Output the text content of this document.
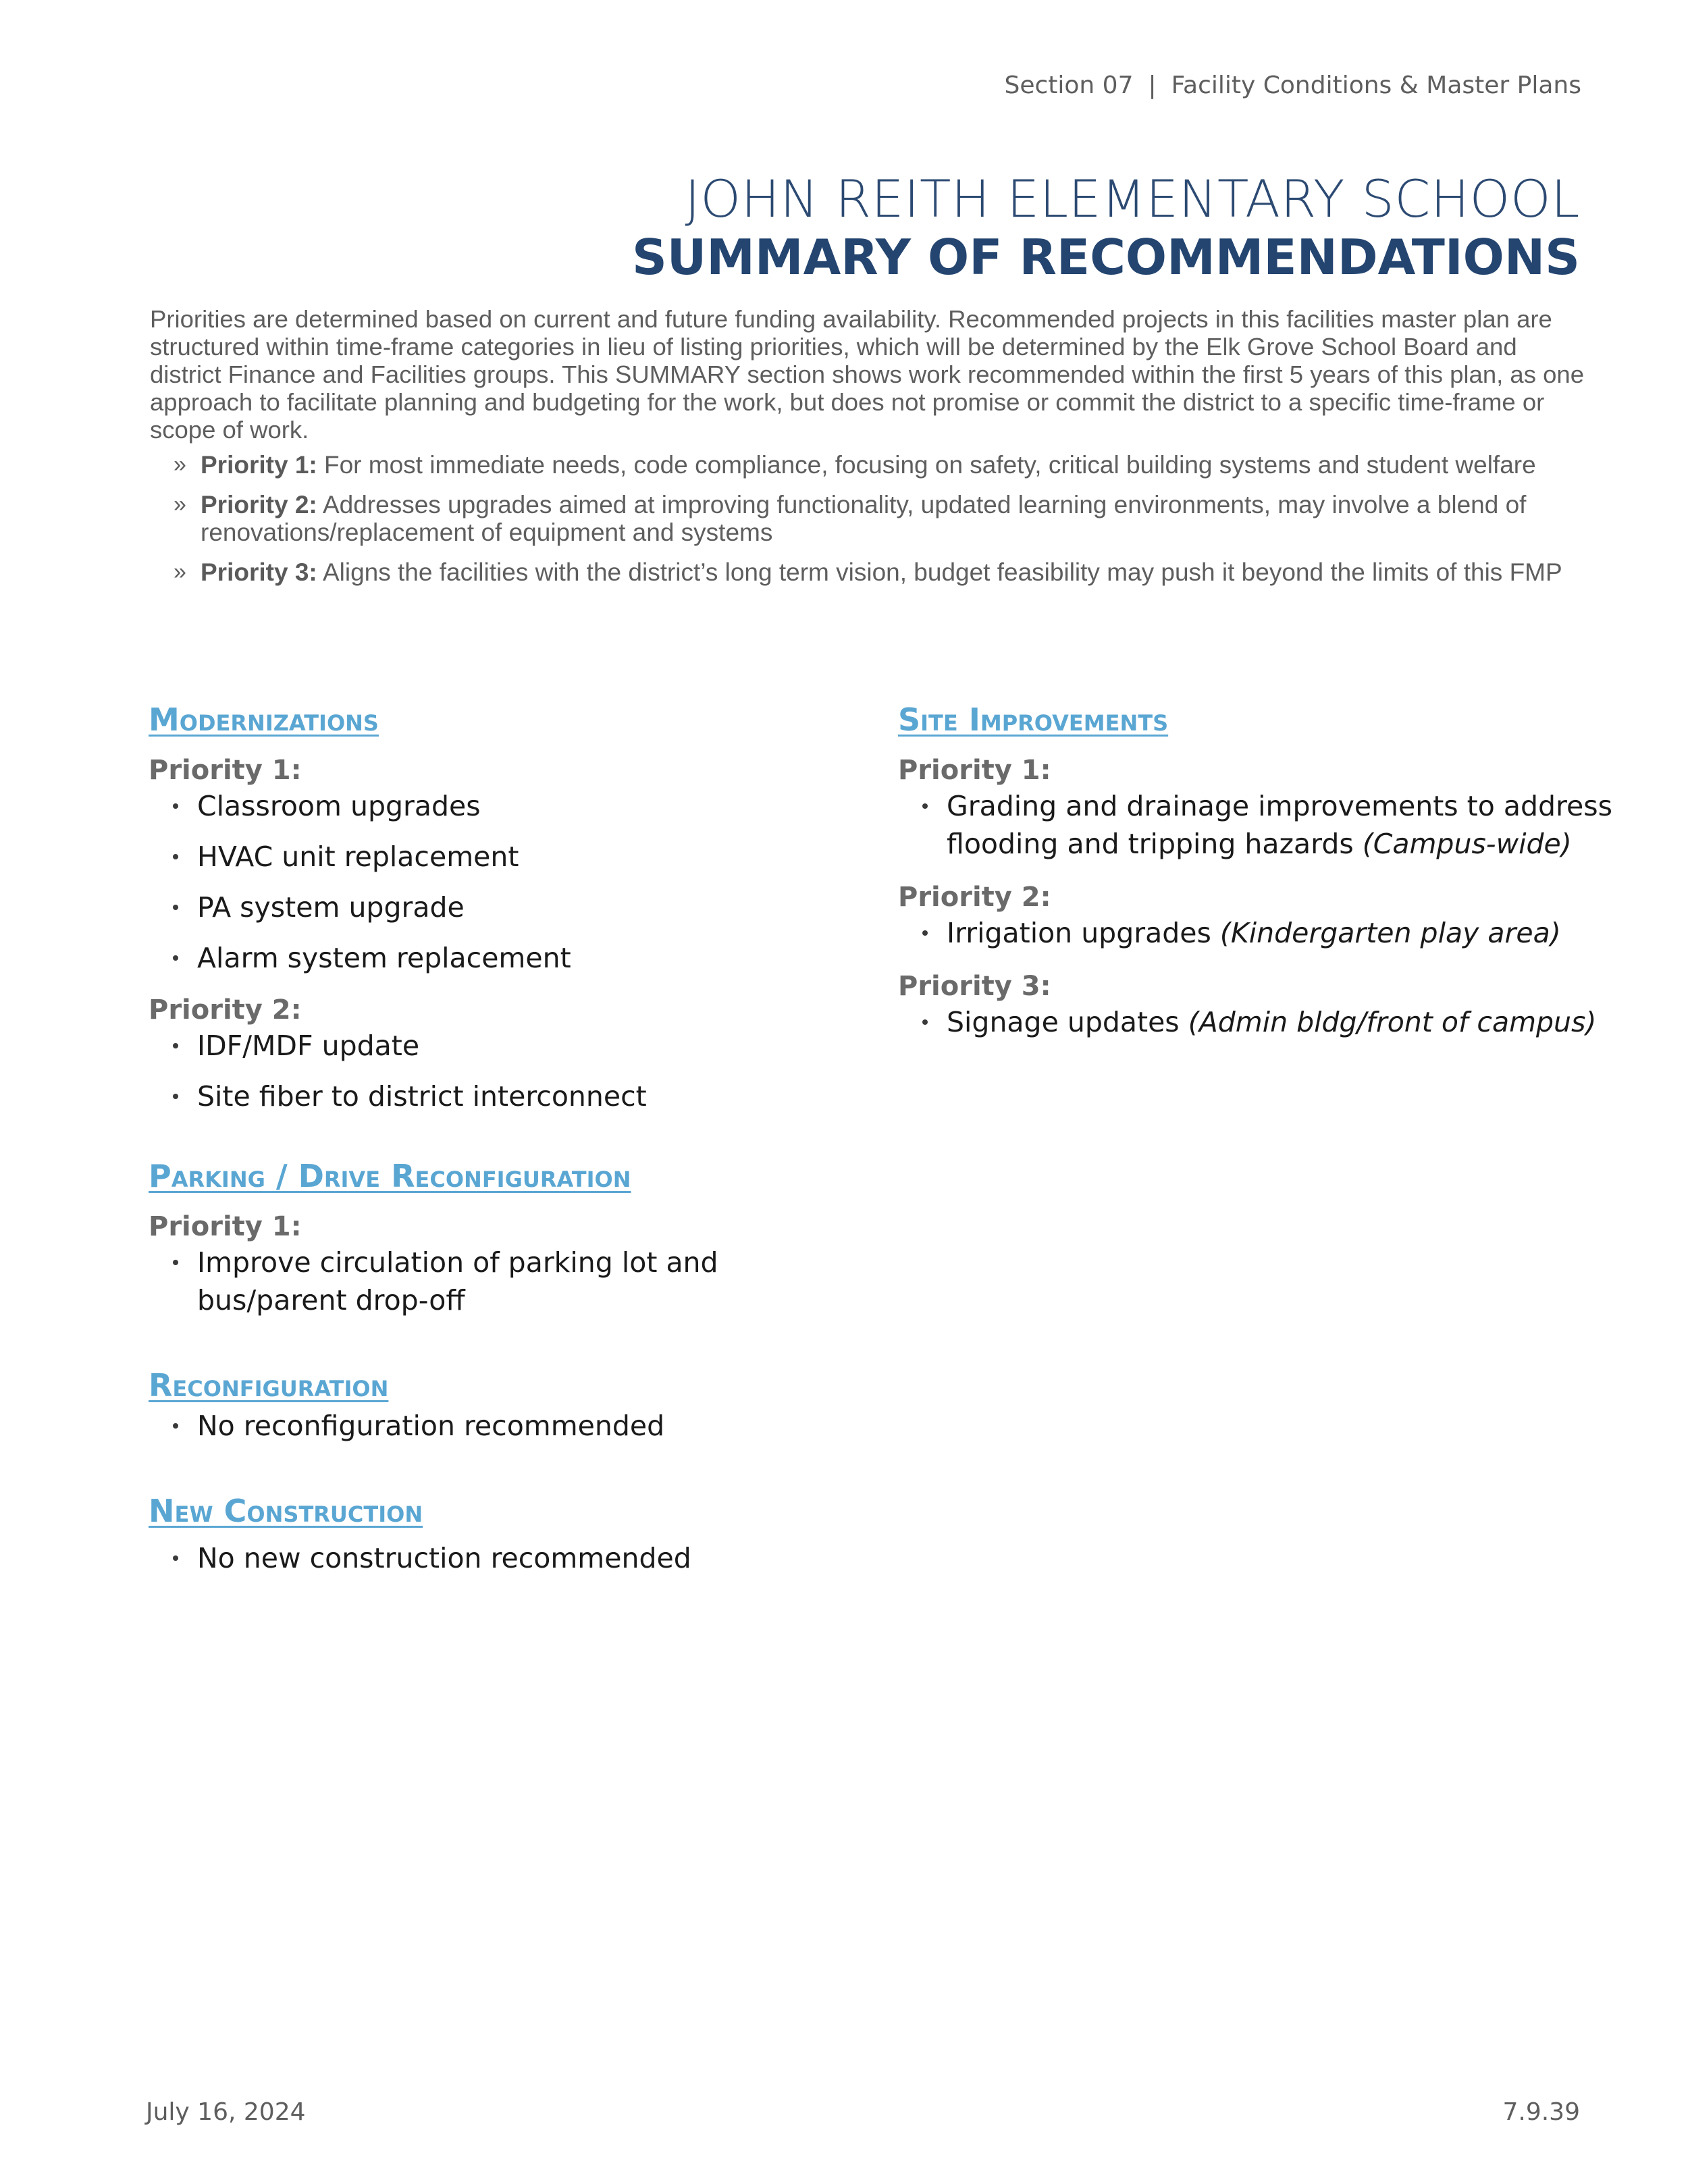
Section 07 | Facility Conditions & Master Plans
JOHN REITH ELEMENTARY SCHOOL
SUMMARY OF RECOMMENDATIONS
Priorities are determined based on current and future funding availability. Recommended projects in this facilities master plan are structured within time-frame categories in lieu of listing priorities, which will be determined by the Elk Grove School Board and district Finance and Facilities groups. This SUMMARY section shows work recommended within the first 5 years of this plan, as one approach to facilitate planning and budgeting for the work, but does not promise or commit the district to a specific time-frame or scope of work.
» Priority 1: For most immediate needs, code compliance, focusing on safety, critical building systems and student welfare
» Priority 2: Addresses upgrades aimed at improving functionality, updated learning environments, may involve a blend of renovations/replacement of equipment and systems
» Priority 3: Aligns the facilities with the district’s long term vision, budget feasibility may push it beyond the limits of this FMP
Modernizations

Priority 1:

Classroom upgrades
HVAC unit replacement
PA system upgrade
Alarm system replacement

Priority 2:

IDF/MDF update
Site fiber to district interconnect
Parking / Drive Reconfiguration

Priority 1:

Improve circulation of parking lot and bus/parent drop-off
Reconfiguration
No reconfiguration recommended
New Construction
No new construction recommended
Site Improvements

Priority 1:

Grading and drainage improvements to address flooding and tripping hazards (Campus-wide)

Priority 2:

Irrigation upgrades (Kindergarten play area)

Priority 3:

Signage updates (Admin bldg/front of campus)
July 16, 2024	7.9.39
